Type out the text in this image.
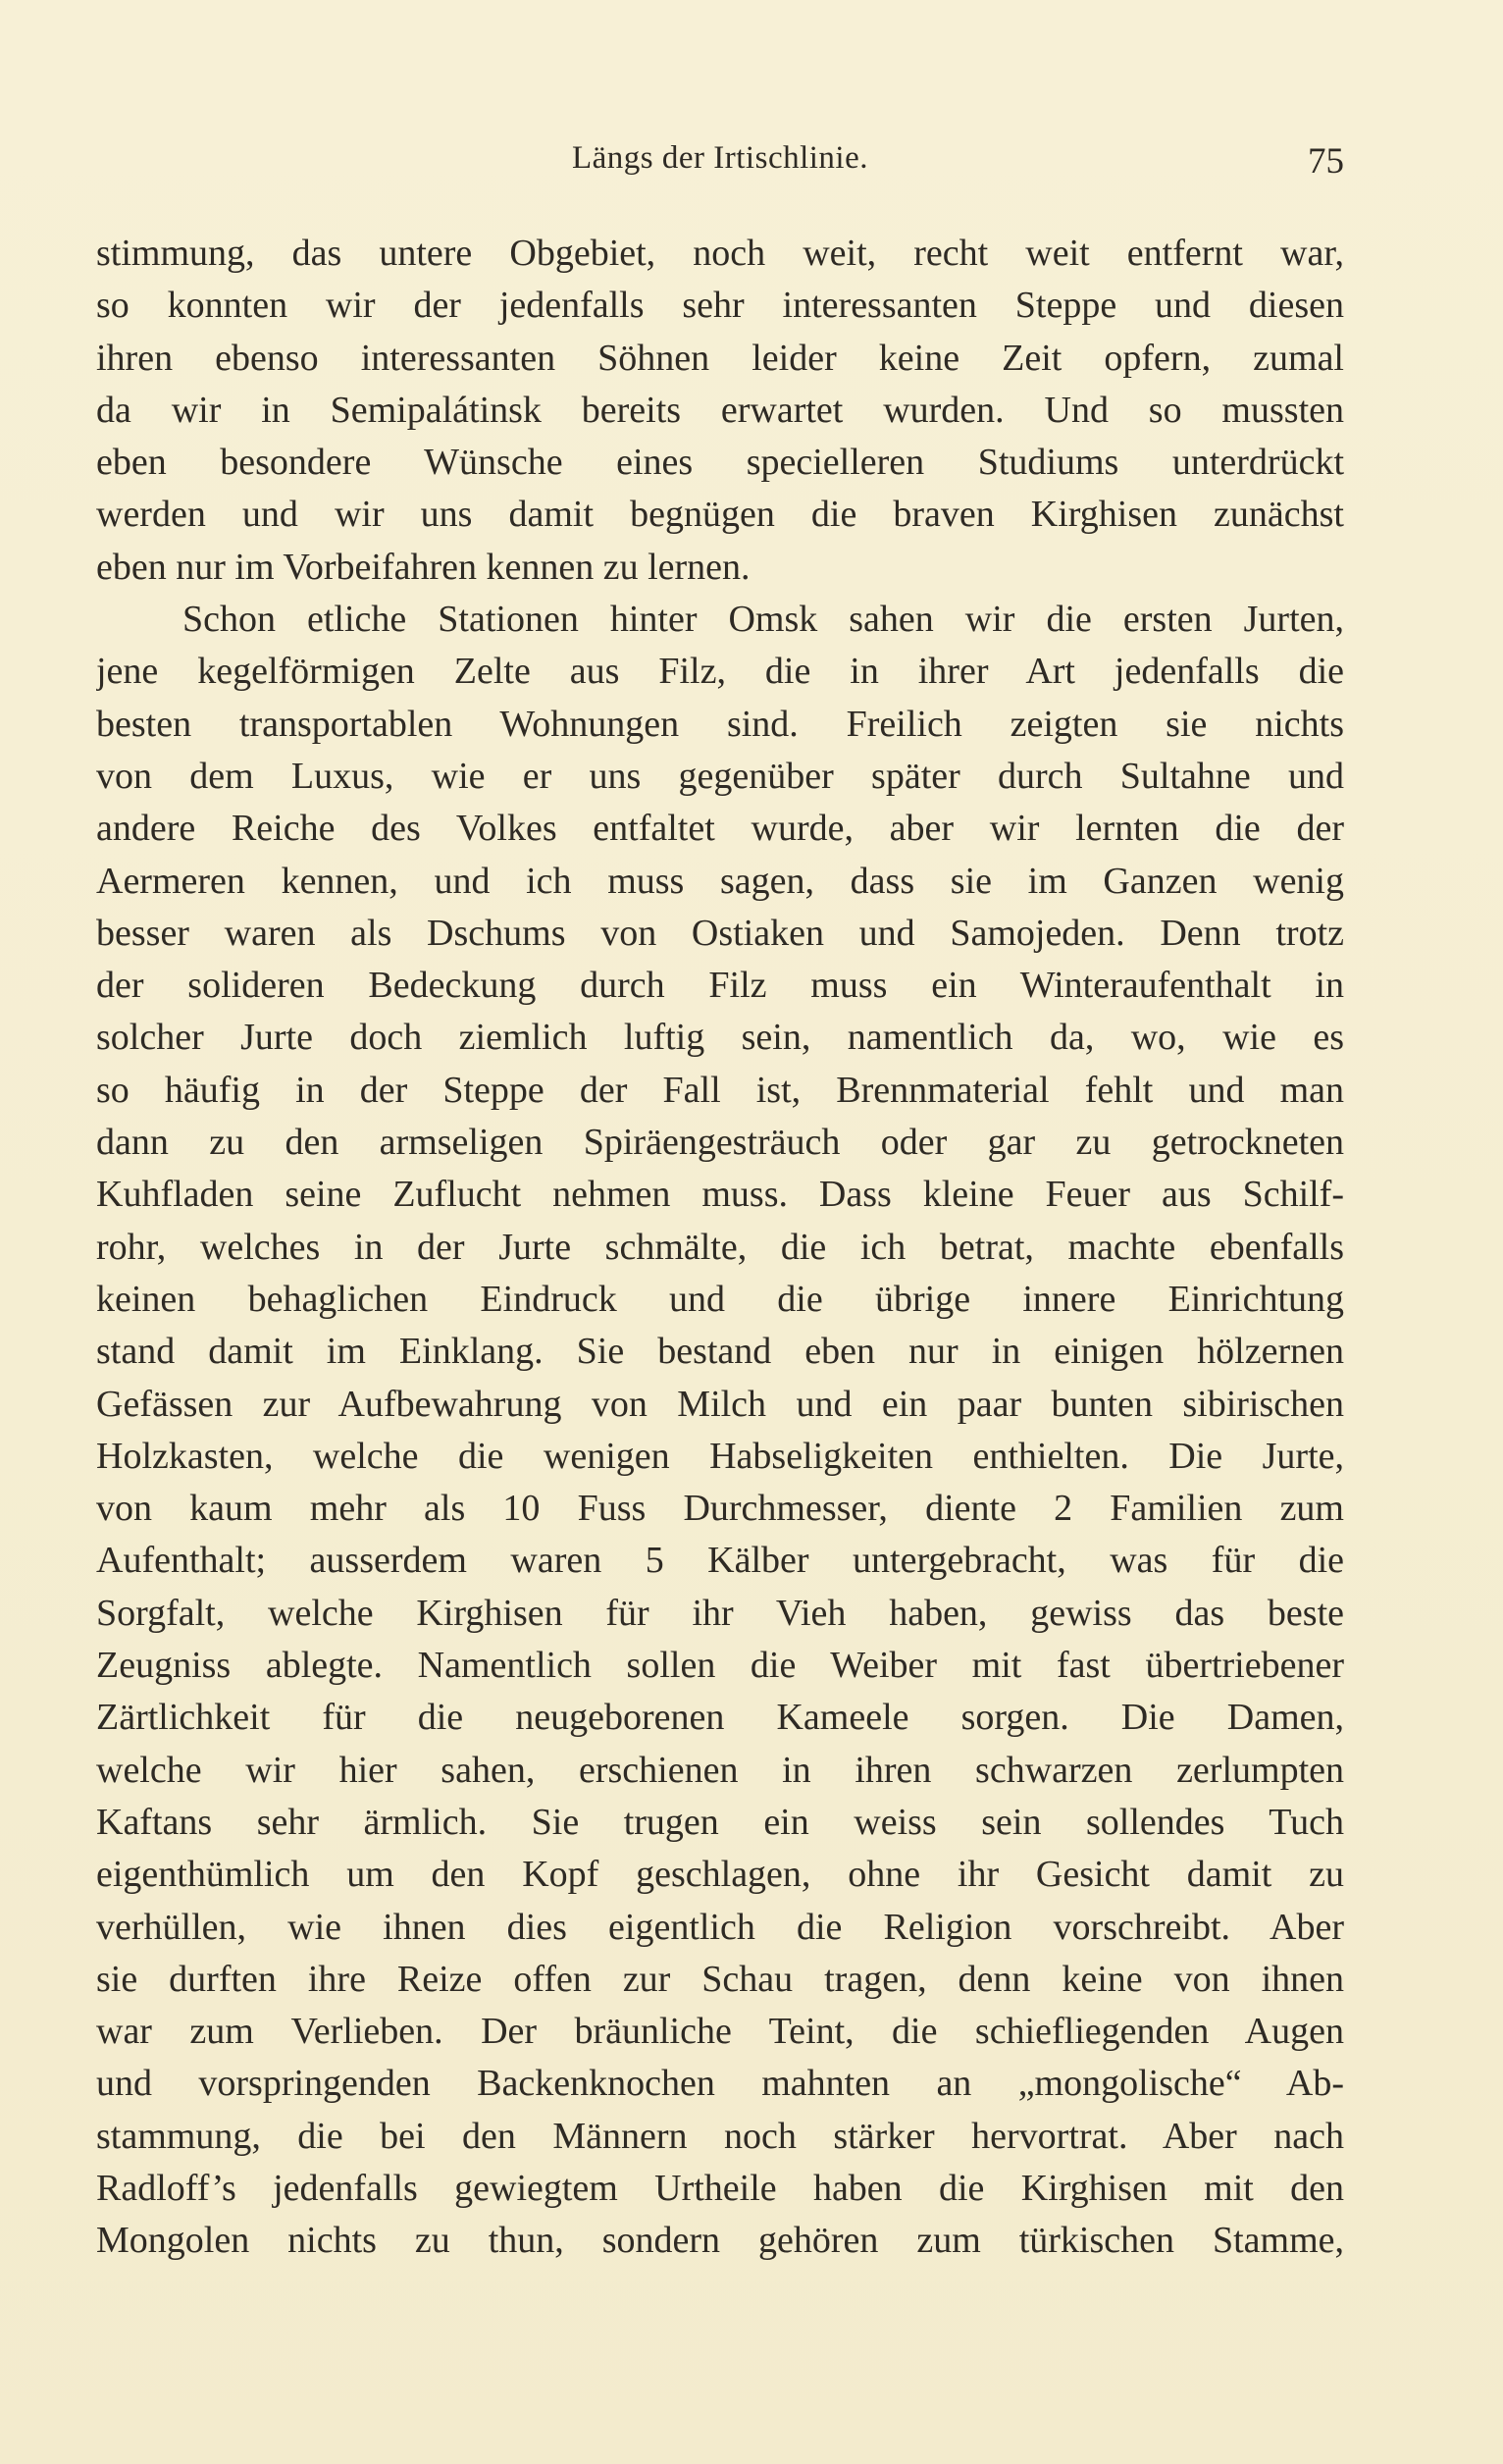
Längs der Irtischlinie.	75
stimmung, das untere Obgebiet, noch weit, recht weit entfernt war,
so konnten wir der jedenfalls sehr interessanten Steppe und diesen
ihren ebenso interessanten Söhnen leider keine Zeit opfern, zumal
da wir in Semipalátinsk bereits erwartet wurden. Und so mussten
eben besondere Wünsche eines specielleren Studiums unterdrückt
werden und wir uns damit begnügen die braven Kirghisen zunächst
eben nur im Vorbeifahren kennen zu lernen.
Schon etliche Stationen hinter Omsk sahen wir die ersten Jurten,
jene kegelförmigen Zelte aus Filz, die in ihrer Art jedenfalls die
besten transportablen Wohnungen sind. Freilich zeigten sie nichts
von dem Luxus, wie er uns gegenüber später durch Sultahne und
andere Reiche des Volkes entfaltet wurde, aber wir lernten die der
Aermeren kennen, und ich muss sagen, dass sie im Ganzen wenig
besser waren als Dschums von Ostiaken und Samojeden. Denn trotz
der solideren Bedeckung durch Filz muss ein Winteraufenthalt in
solcher Jurte doch ziemlich luftig sein, namentlich da, wo, wie es
so häufig in der Steppe der Fall ist, Brennmaterial fehlt und man
dann zu den armseligen Spiräengesträuch oder gar zu getrockneten
Kuhfladen seine Zuflucht nehmen muss. Dass kleine Feuer aus Schilf-
rohr, welches in der Jurte schmälte, die ich betrat, machte ebenfalls
keinen behaglichen Eindruck und die übrige innere Einrichtung
stand damit im Einklang. Sie bestand eben nur in einigen hölzernen
Gefässen zur Aufbewahrung von Milch und ein paar bunten sibirischen
Holzkasten, welche die wenigen Habseligkeiten enthielten. Die Jurte,
von kaum mehr als 10 Fuss Durchmesser, diente 2 Familien zum
Aufenthalt; ausserdem waren 5 Kälber untergebracht, was für die
Sorgfalt, welche Kirghisen für ihr Vieh haben, gewiss das beste
Zeugniss ablegte. Namentlich sollen die Weiber mit fast übertriebener
Zärtlichkeit für die neugeborenen Kameele sorgen. Die Damen,
welche wir hier sahen, erschienen in ihren schwarzen zerlumpten
Kaftans sehr ärmlich. Sie trugen ein weiss sein sollendes Tuch
eigenthümlich um den Kopf geschlagen, ohne ihr Gesicht damit zu
verhüllen, wie ihnen dies eigentlich die Religion vorschreibt. Aber
sie durften ihre Reize offen zur Schau tragen, denn keine von ihnen
war zum Verlieben. Der bräunliche Teint, die schiefliegenden Augen
und vorspringenden Backenknochen mahnten an „mongolische“ Ab-
stammung, die bei den Männern noch stärker hervortrat. Aber nach
Radloff’s jedenfalls gewiegtem Urtheile haben die Kirghisen mit den
Mongolen nichts zu thun, sondern gehören zum türkischen Stamme,
